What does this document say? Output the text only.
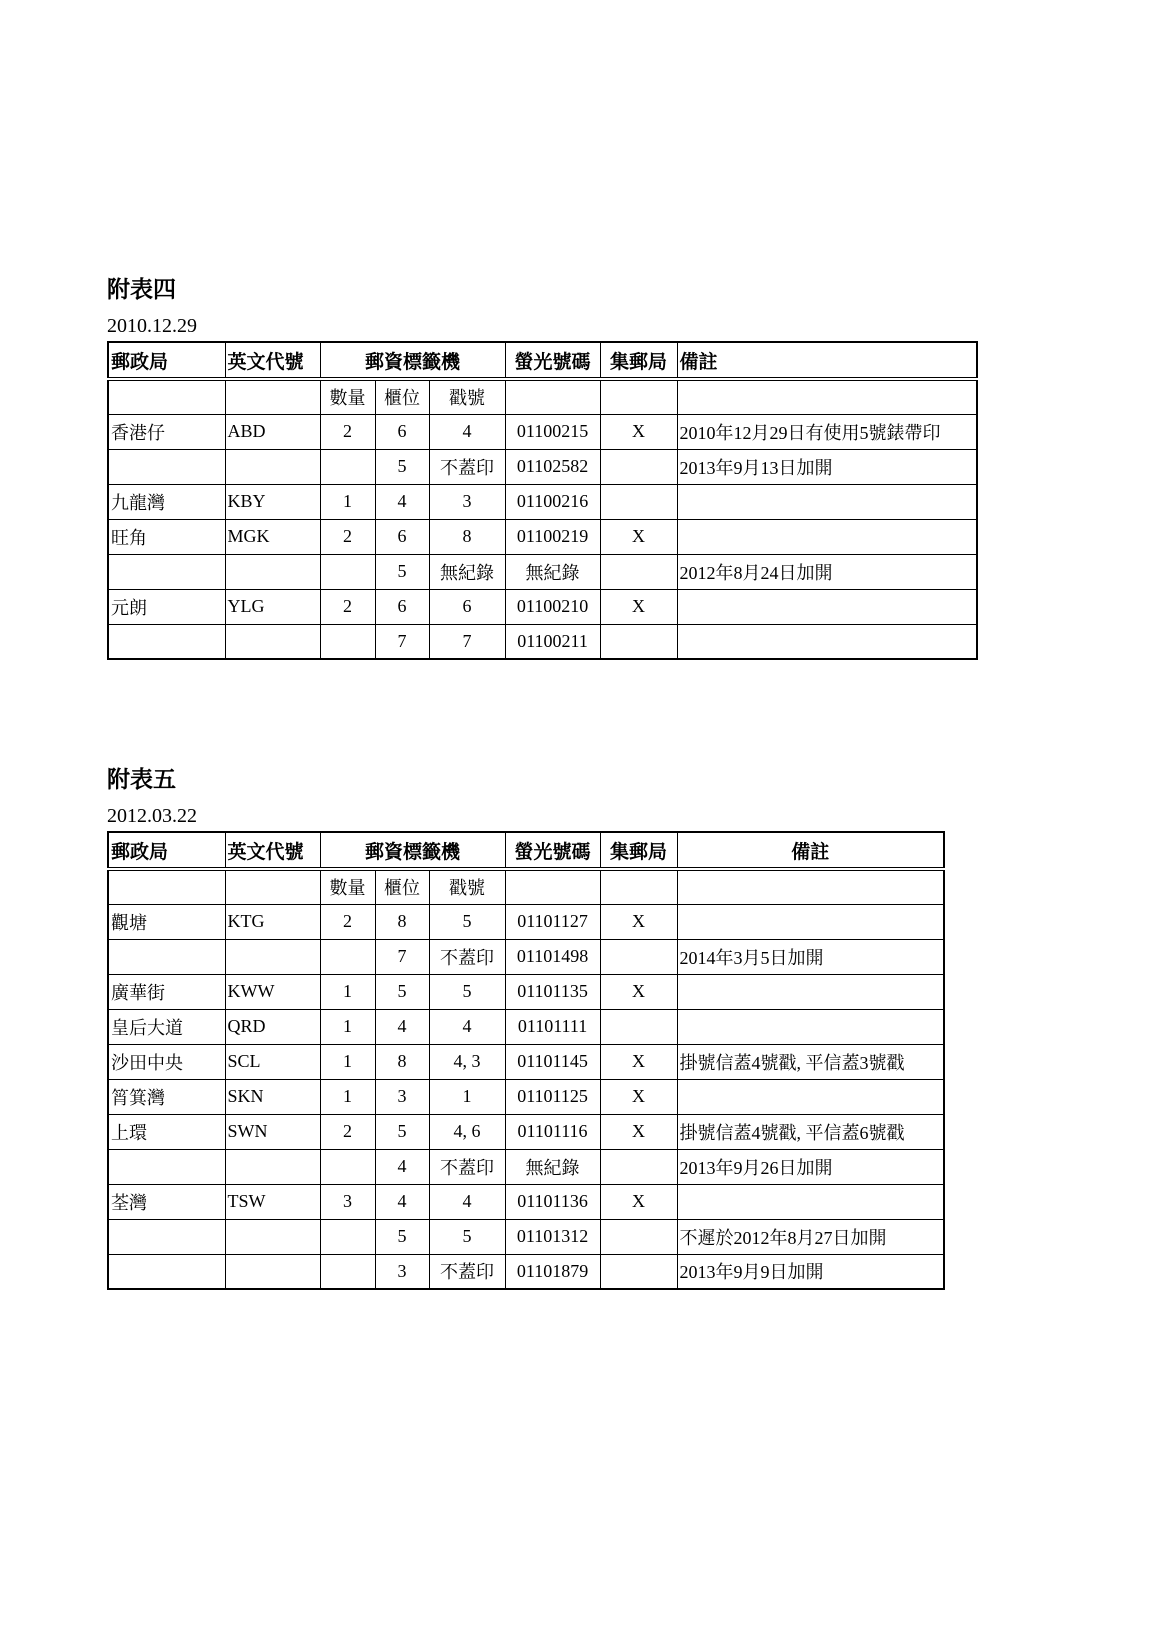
附表四
2010.12.29
郵政局	英文代號	郵資標籤機			螢光號碼	集郵局	備註
		數量	櫃位	戳號			
香港仔	ABD	2	6	4	01100215	X	2010年12月29日有使用5號錶帶印
			5	不蓋印	01102582		2013年9月13日加開
九龍灣	KBY	1	4	3	01100216		
旺角	MGK	2	6	8	01100219	X	
			5	無紀錄	無紀錄		2012年8月24日加開
元朗	YLG	2	6	6	01100210	X	
			7	7	01100211		
附表五
2012.03.22
郵政局	英文代號	郵資標籤機			螢光號碼	集郵局	備註
		數量	櫃位	戳號			
觀塘	KTG	2	8	5	01101127	X	
			7	不蓋印	01101498		2014年3月5日加開
廣華街	KWW	1	5	5	01101135	X	
皇后大道	QRD	1	4	4	01101111		
沙田中央	SCL	1	8	4, 3	01101145	X	掛號信蓋4號戳, 平信蓋3號戳
筲箕灣	SKN	1	3	1	01101125	X	
上環	SWN	2	5	4, 6	01101116	X	掛號信蓋4號戳, 平信蓋6號戳
			4	不蓋印	無紀錄		2013年9月26日加開
荃灣	TSW	3	4	4	01101136	X	
			5	5	01101312		不遲於2012年8月27日加開
			3	不蓋印	01101879		2013年9月9日加開
